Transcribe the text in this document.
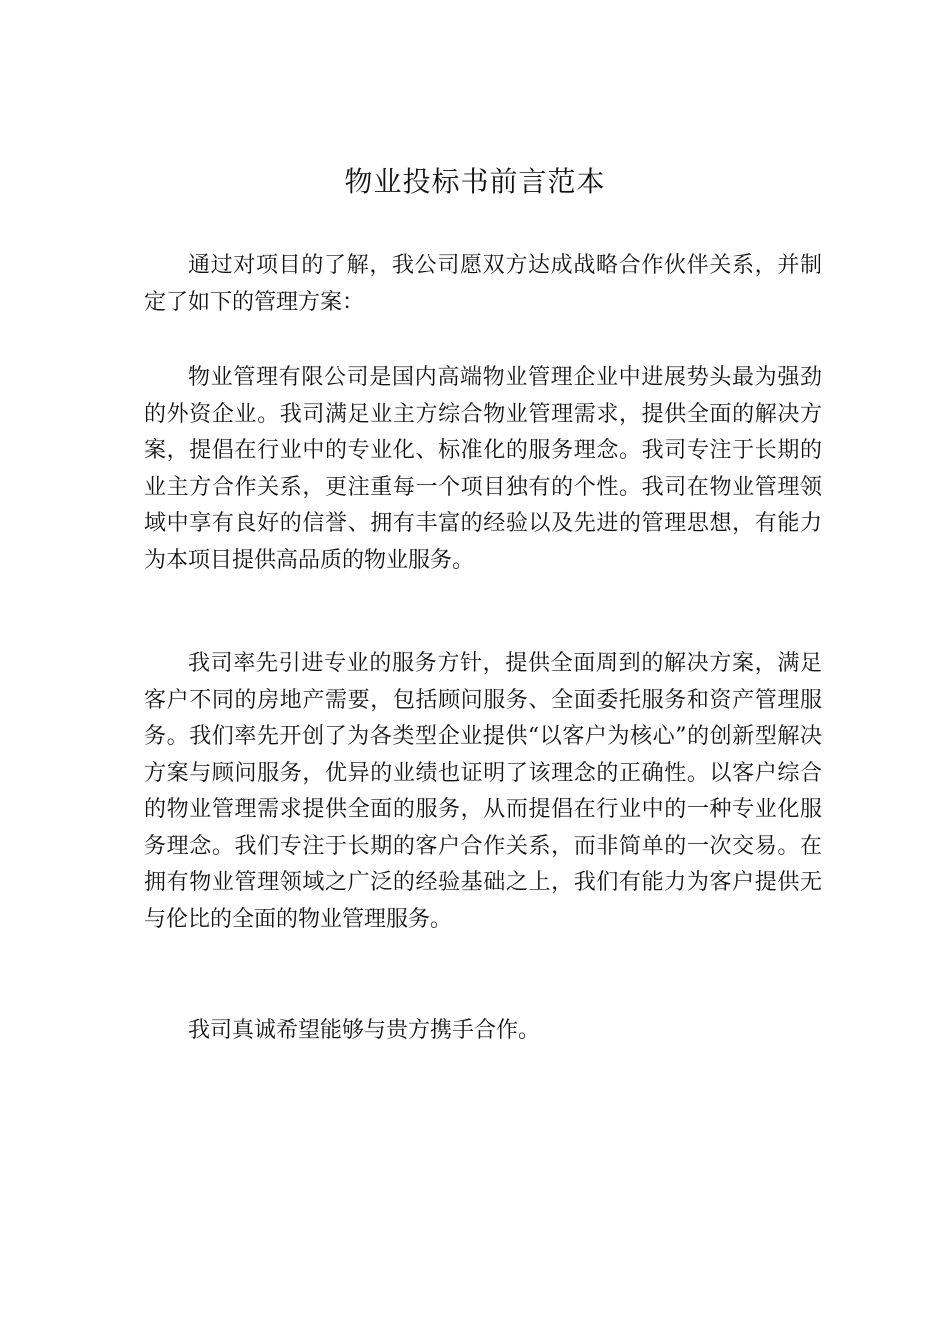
物业投标书前言范本

通过对项目的了解，我公司愿双方达成战略合作伙伴关系，并制定了如下的管理方案：

物业管理有限公司是国内高端物业管理企业中进展势头最为强劲的外资企业。我司满足业主方综合物业管理需求，提供全面的解决方案，提倡在行业中的专业化、标准化的服务理念。我司专注于长期的业主方合作关系，更注重每一个项目独有的个性。我司在物业管理领域中享有良好的信誉、拥有丰富的经验以及先进的管理思想，有能力为本项目提供高品质的物业服务。

我司率先引进专业的服务方针，提供全面周到的解决方案，满足客户不同的房地产需要，包括顾问服务、全面委托服务和资产管理服务。我们率先开创了为各类型企业提供“以客户为核心”的创新型解决方案与顾问服务，优异的业绩也证明了该理念的正确性。以客户综合的物业管理需求提供全面的服务，从而提倡在行业中的一种专业化服务理念。我们专注于长期的客户合作关系，而非简单的一次交易。在拥有物业管理领域之广泛的经验基础之上，我们有能力为客户提供无与伦比的全面的物业管理服务。

我司真诚希望能够与贵方携手合作。
